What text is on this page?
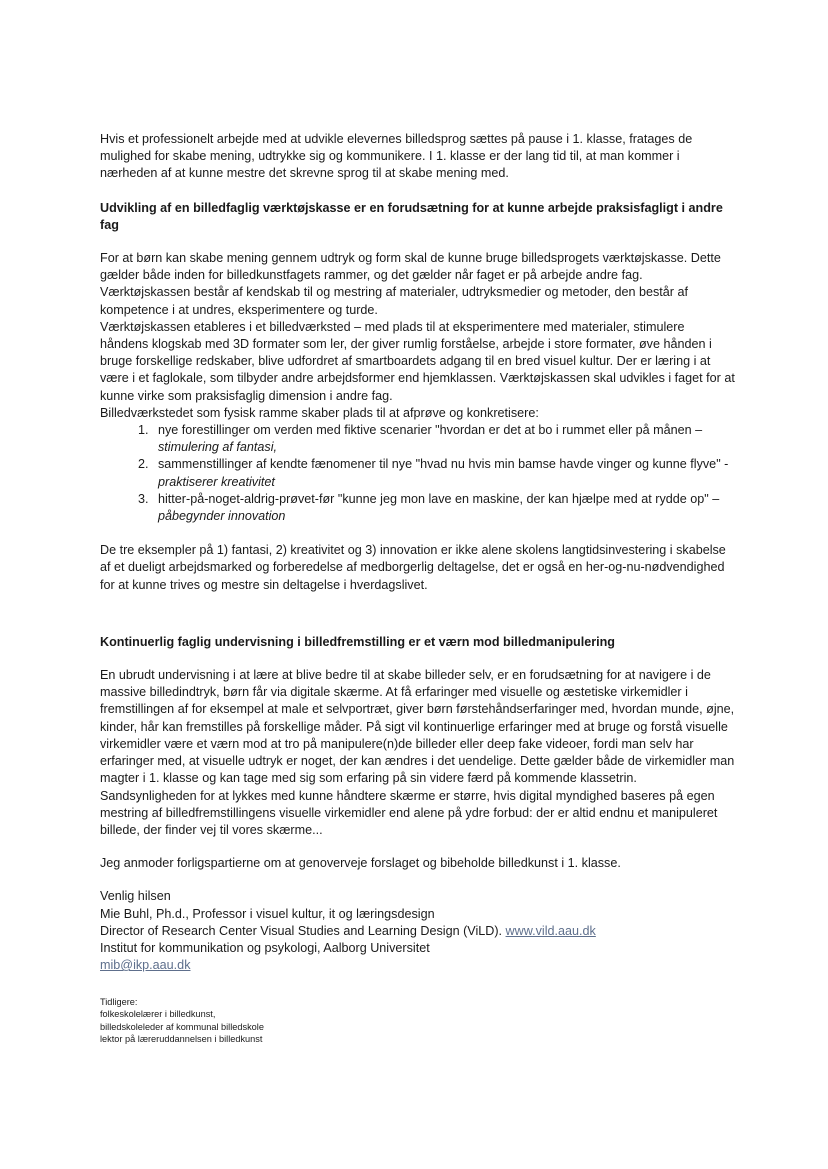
Hvis et professionelt arbejde med at udvikle elevernes billedsprog sættes på pause i 1. klasse, fratages de mulighed for skabe mening, udtrykke sig og kommunikere. I 1. klasse er der lang tid til, at man kommer i nærheden af at kunne mestre det skrevne sprog til at skabe mening med.

Udvikling af en billedfaglig værktøjskasse er en forudsætning for at kunne arbejde praksisfagligt i andre fag

For at børn kan skabe mening gennem udtryk og form skal de kunne bruge billedsprogets værktøjskasse. Dette gælder både inden for billedkunstfagets rammer, og det gælder når faget er på arbejde andre fag. Værktøjskassen består af kendskab til og mestring af materialer, udtryksmedier og metoder, den består af kompetence i at undres, eksperimentere og turde.

Værktøjskassen etableres i et billedværksted – med plads til at eksperimentere med materialer, stimulere håndens klogskab med 3D formater som ler, der giver rumlig forståelse, arbejde i store formater, øve hånden i bruge forskellige redskaber, blive udfordret af smartboardets adgang til en bred visuel kultur. Der er læring i at være i et faglokale, som tilbyder andre arbejdsformer end hjemklassen. Værktøjskassen skal udvikles i faget for at kunne virke som praksisfaglig dimension i andre fag.

Billedværkstedet som fysisk ramme skaber plads til at afprøve og konkretisere:

1. nye forestillinger om verden med fiktive scenarier "hvordan er det at bo i rummet eller på månen – stimulering af fantasi,
2. sammenstillinger af kendte fænomener til nye "hvad nu hvis min bamse havde vinger og kunne flyve" - praktiserer kreativitet
3. hitter-på-noget-aldrig-prøvet-før "kunne jeg mon lave en maskine, der kan hjælpe med at rydde op" – påbegynder innovation

De tre eksempler på 1) fantasi, 2) kreativitet og 3) innovation er ikke alene skolens langtidsinvestering i skabelse af et dueligt arbejdsmarked og forberedelse af medborgerlig deltagelse, det er også en her-og-nu-nødvendighed for at kunne trives og mestre sin deltagelse i hverdagslivet.

Kontinuerlig faglig undervisning i billedfremstilling er et værn mod billedmanipulering

En ubrudt undervisning i at lære at blive bedre til at skabe billeder selv, er en forudsætning for at navigere i de massive billedindtryk, børn får via digitale skærme. At få erfaringer med visuelle og æstetiske virkemidler i fremstillingen af for eksempel at male et selvportræt, giver børn førstehåndserfaringer med, hvordan munde, øjne, kinder, hår kan fremstilles på forskellige måder. På sigt vil kontinuerlige erfaringer med at bruge og forstå visuelle virkemidler være et værn mod at tro på manipulere(n)de billeder eller deep fake videoer, fordi man selv har erfaringer med, at visuelle udtryk er noget, der kan ændres i det uendelige. Dette gælder både de virkemidler man magter i 1. klasse og kan tage med sig som erfaring på sin videre færd på kommende klassetrin. Sandsynligheden for at lykkes med kunne håndtere skærme er større, hvis digital myndighed baseres på egen mestring af billedfremstillingens visuelle virkemidler end alene på ydre forbud: der er altid endnu et manipuleret billede, der finder vej til vores skærme...

Jeg anmoder forligspartierne om at genoverveje forslaget og bibeholde billedkunst i 1. klasse.

Venlig hilsen

Mie Buhl, Ph.d., Professor i visuel kultur, it og læringsdesign

Director of Research Center Visual Studies and Learning Design (ViLD). www.vild.aau.dk

Institut for kommunikation og psykologi, Aalborg Universitet

mib@ikp.aau.dk

Tidligere:

folkeskolelærer i billedkunst,

billedskoleleder af kommunal billedskole

lektor på læreruddannelsen i billedkunst
